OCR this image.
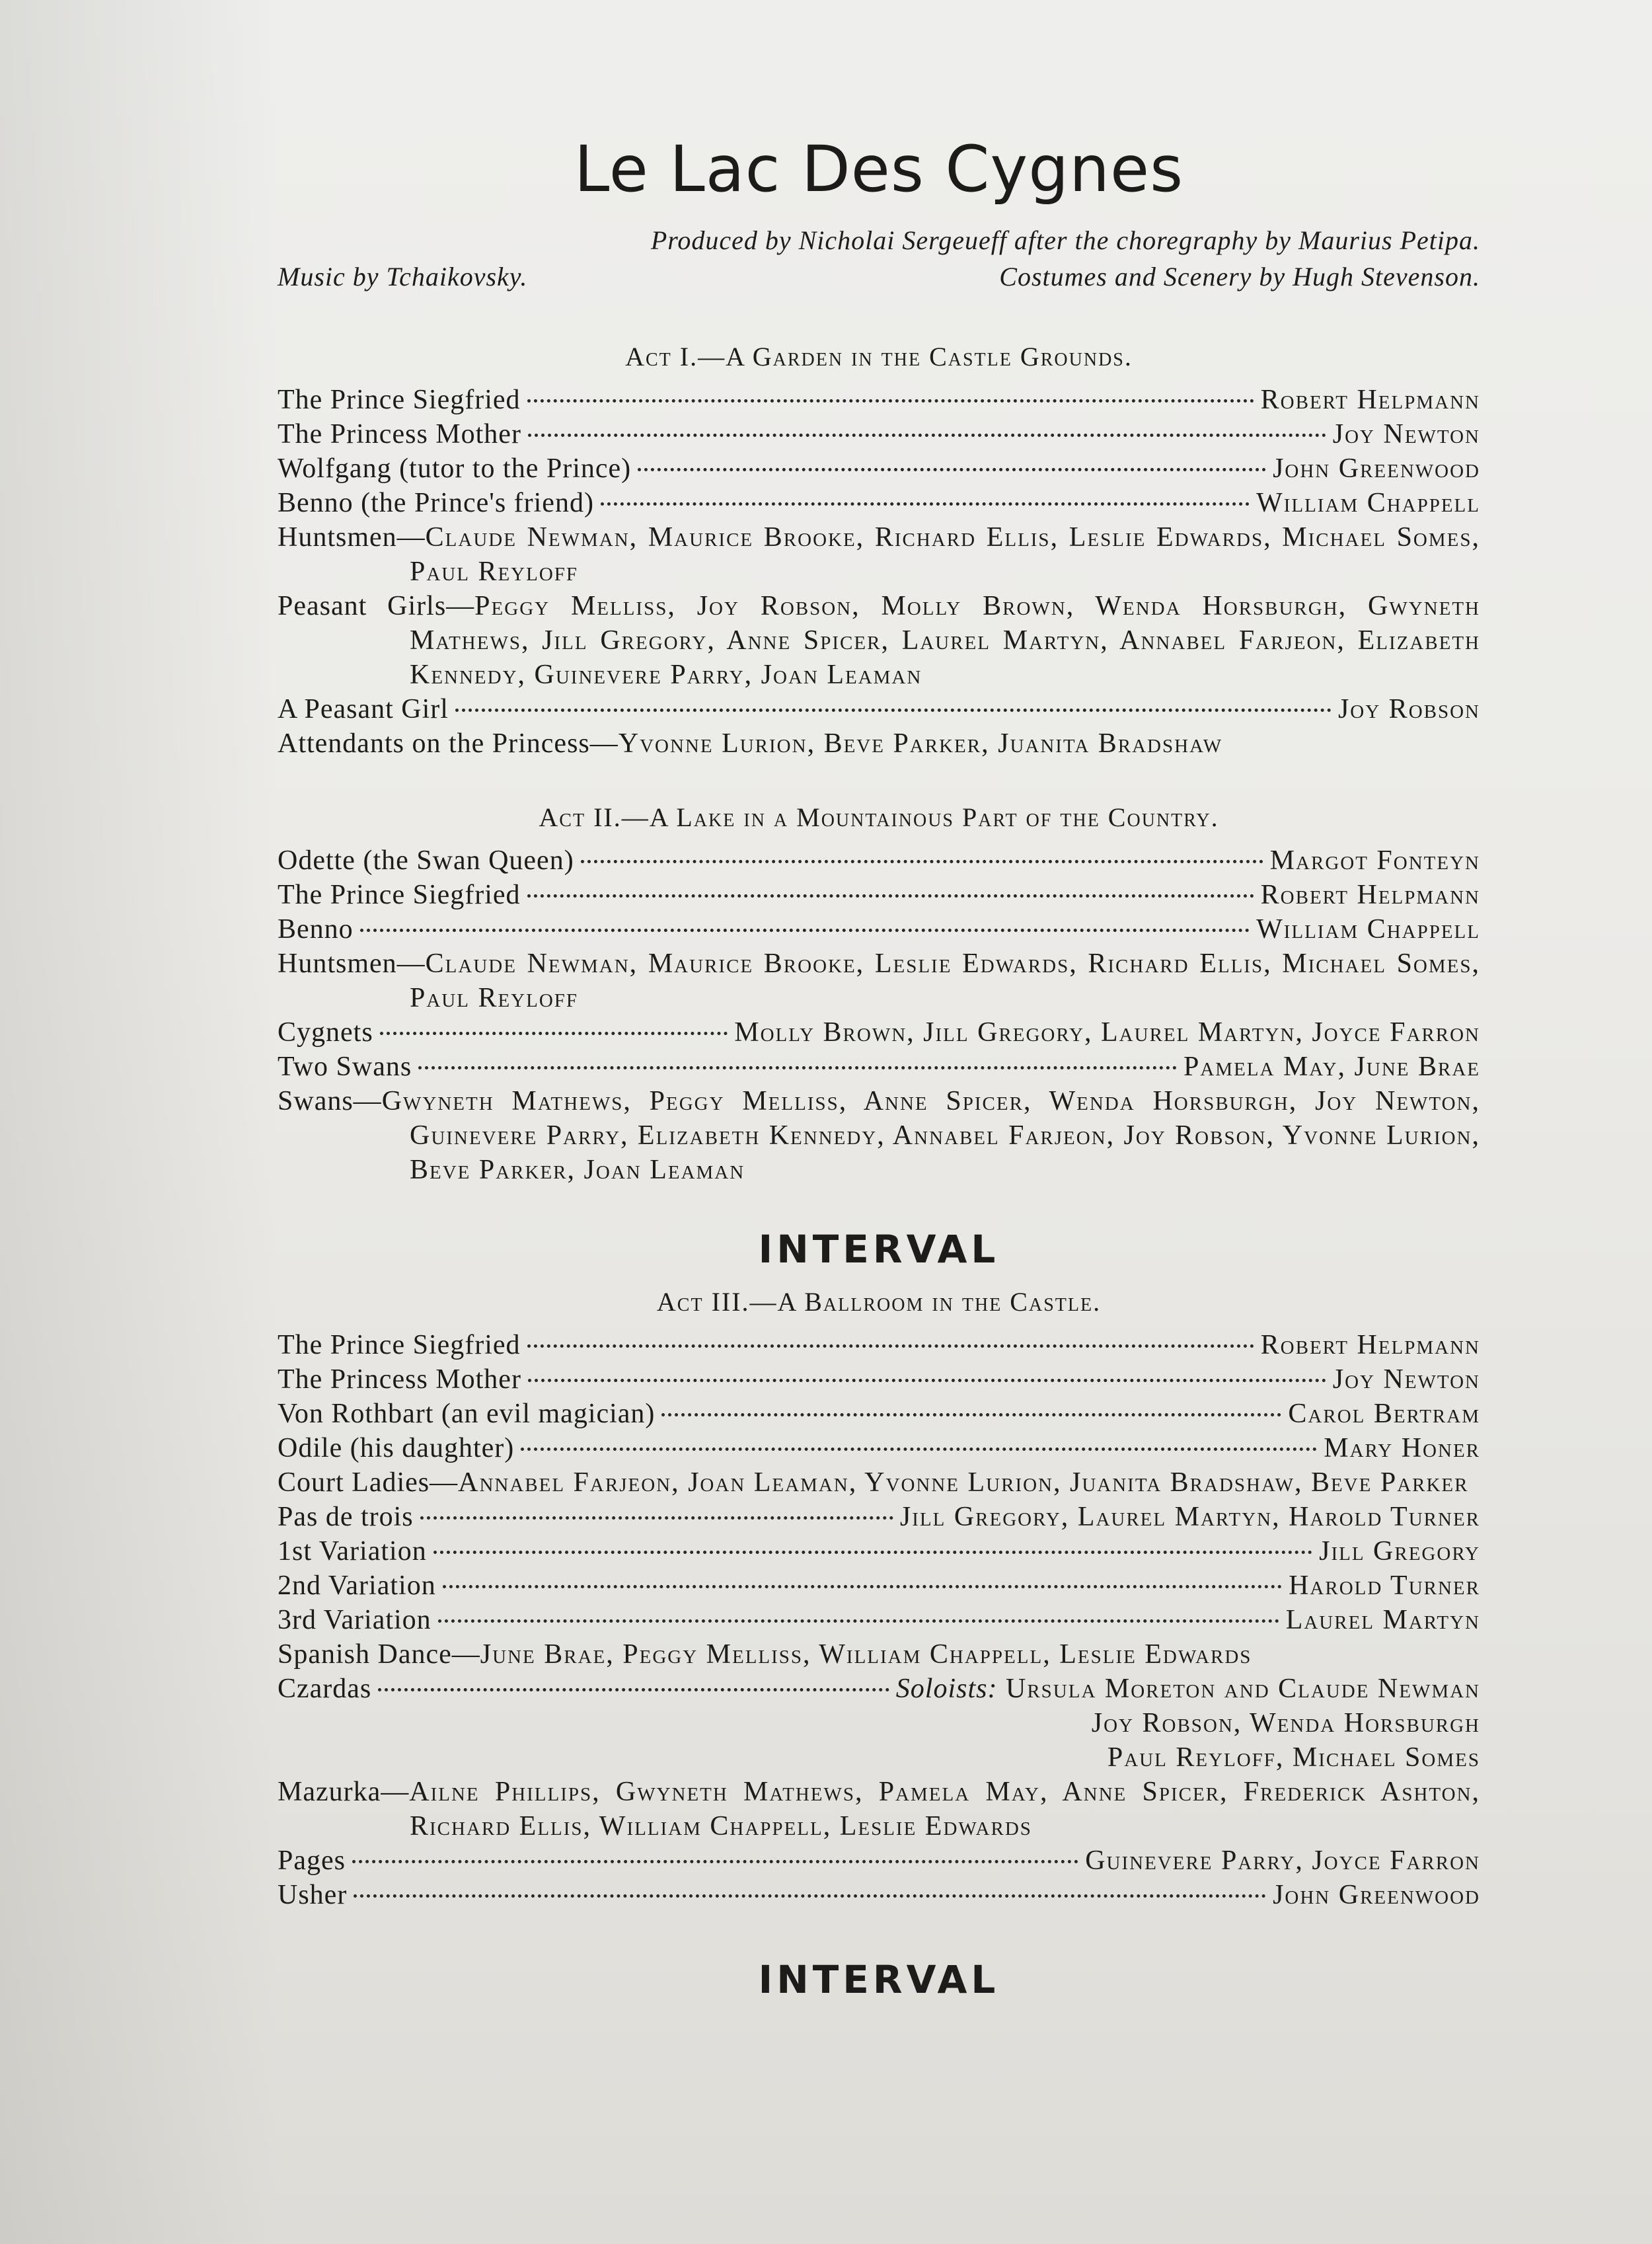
Le Lac Des Cygnes
Produced by Nicholai Sergeueff after the choregraphy by Maurius Petipa.
Music by Tchaikovsky.	Costumes and Scenery by Hugh Stevenson.
Act I.—A Garden in the Castle Grounds.
The Prince Siegfried	Robert Helpmann
The Princess Mother	Joy Newton
Wolfgang (tutor to the Prince)	John Greenwood
Benno (the Prince's friend)	William Chappell
Huntsmen—Claude Newman, Maurice Brooke, Richard Ellis, Leslie Edwards, Michael Somes, Paul Reyloff
Peasant Girls—Peggy Melliss, Joy Robson, Molly Brown, Wenda Horsburgh, Gwyneth Mathews, Jill Gregory, Anne Spicer, Laurel Martyn, Annabel Farjeon, Elizabeth Kennedy, Guinevere Parry, Joan Leaman
A Peasant Girl	Joy Robson
Attendants on the Princess—Yvonne Lurion, Beve Parker, Juanita Bradshaw
Act II.—A Lake in a Mountainous Part of the Country.
Odette (the Swan Queen)	Margot Fonteyn
The Prince Siegfried	Robert Helpmann
Benno	William Chappell
Huntsmen—Claude Newman, Maurice Brooke, Leslie Edwards, Richard Ellis, Michael Somes, Paul Reyloff
Cygnets	Molly Brown, Jill Gregory, Laurel Martyn, Joyce Farron
Two Swans	Pamela May, June Brae
Swans—Gwyneth Mathews, Peggy Melliss, Anne Spicer, Wenda Horsburgh, Joy Newton, Guinevere Parry, Elizabeth Kennedy, Annabel Farjeon, Joy Robson, Yvonne Lurion, Beve Parker, Joan Leaman
INTERVAL
Act III.—A Ballroom in the Castle.
The Prince Siegfried	Robert Helpmann
The Princess Mother	Joy Newton
Von Rothbart (an evil magician)	Carol Bertram
Odile (his daughter)	Mary Honer
Court Ladies—Annabel Farjeon, Joan Leaman, Yvonne Lurion, Juanita Bradshaw, Beve Parker
Pas de trois	Jill Gregory, Laurel Martyn, Harold Turner
1st Variation	Jill Gregory
2nd Variation	Harold Turner
3rd Variation	Laurel Martyn
Spanish Dance—June Brae, Peggy Melliss, William Chappell, Leslie Edwards
Czardas	Soloists: Ursula Moreton and Claude Newman
Joy Robson, Wenda Horsburgh
Paul Reyloff, Michael Somes
Mazurka—Ailne Phillips, Gwyneth Mathews, Pamela May, Anne Spicer, Frederick Ashton, Richard Ellis, William Chappell, Leslie Edwards
Pages	Guinevere Parry, Joyce Farron
Usher	John Greenwood
INTERVAL
